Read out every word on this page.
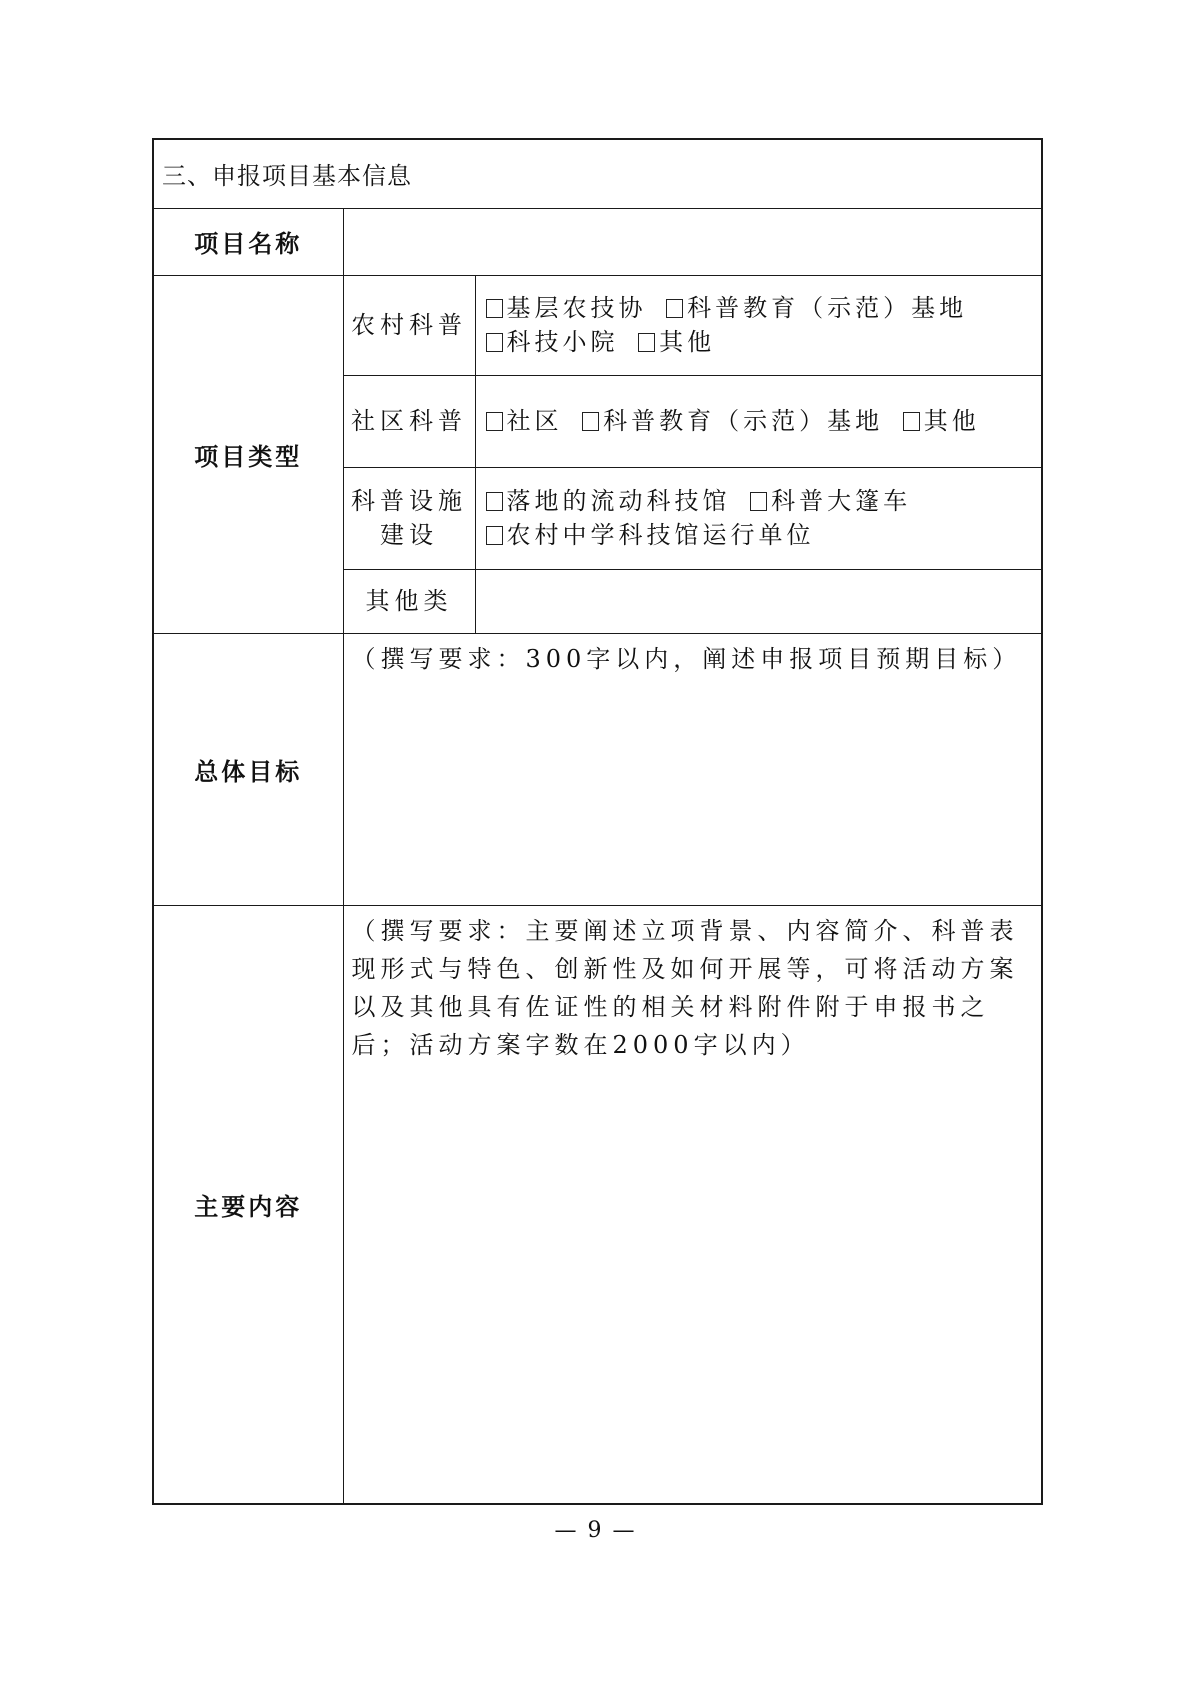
三、申报项目基本信息		
项目名称		
项目类型	农村科普	基层农技协 科普教育（示范）基地 科技小院 其他
	社区科普	社区 科普教育（示范）基地 其他
	科普设施建设	落地的流动科技馆 科普大篷车 农村中学科技馆运行单位
	其他类	
总体目标	（撰写要求：300字以内，阐述申报项目预期目标）	
主要内容	（撰写要求：主要阐述立项背景、内容简介、科普表现形式与特色、创新性及如何开展等，可将活动方案以及其他具有佐证性的相关材料附件附于申报书之后；活动方案字数在2000字以内）	
— 9 —
